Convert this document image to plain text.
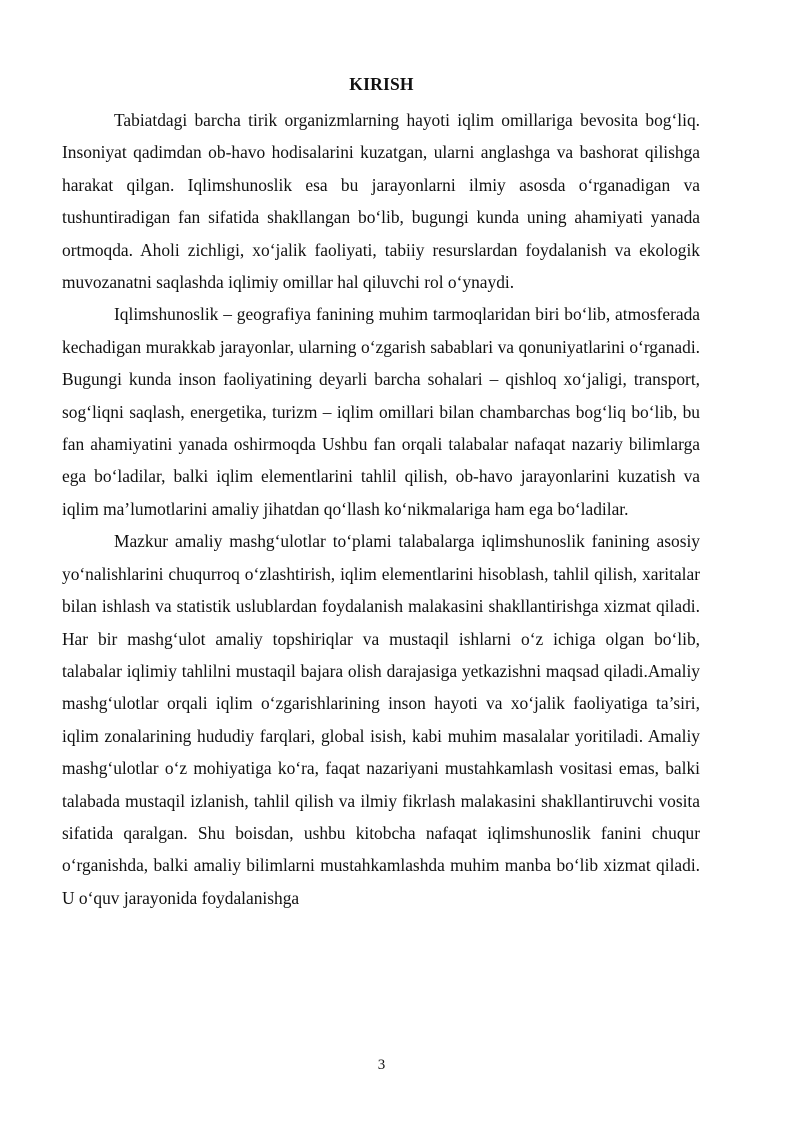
KIRISH

Tabiatdagi barcha tirik organizmlarning hayoti iqlim omillariga bevosita bog‘liq. Insoniyat qadimdan ob-havo hodisalarini kuzatgan, ularni anglashga va bashorat qilishga harakat qilgan. Iqlimshunoslik esa bu jarayonlarni ilmiy asosda o‘rganadigan va tushuntiradigan fan sifatida shakllangan bo‘lib, bugungi kunda uning ahamiyati yanada ortmoqda. Aholi zichligi, xo‘jalik faoliyati, tabiiy resurslardan foydalanish va ekologik muvozanatni saqlashda iqlimiy omillar hal qiluvchi rol o‘ynaydi.

Iqlimshunoslik – geografiya fanining muhim tarmoqlaridan biri bo‘lib, atmosferada kechadigan murakkab jarayonlar, ularning o‘zgarish sabablari va qonuniyatlarini o‘rganadi. Bugungi kunda inson faoliyatining deyarli barcha sohalari – qishloq xo‘jaligi, transport, sog‘liqni saqlash, energetika, turizm – iqlim omillari bilan chambarchas bog‘liq bo‘lib, bu fan ahamiyatini yanada oshirmoqda Ushbu fan orqali talabalar nafaqat nazariy bilimlarga ega bo‘ladilar, balki iqlim elementlarini tahlil qilish, ob-havo jarayonlarini kuzatish va iqlim ma’lumotlarini amaliy jihatdan qo‘llash ko‘nikmalariga ham ega bo‘ladilar.

Mazkur amaliy mashg‘ulotlar to‘plami talabalarga iqlimshunoslik fanining asosiy yo‘nalishlarini chuqurroq o‘zlashtirish, iqlim elementlarini hisoblash, tahlil qilish, xaritalar bilan ishlash va statistik uslublardan foydalanish malakasini shakllantirishga xizmat qiladi. Har bir mashg‘ulot amaliy topshiriqlar va mustaqil ishlarni o‘z ichiga olgan bo‘lib, talabalar iqlimiy tahlilni mustaqil bajara olish darajasiga yetkazishni maqsad qiladi.Amaliy mashg‘ulotlar orqali iqlim o‘zgarishlarining inson hayoti va xo‘jalik faoliyatiga ta’siri, iqlim zonalarining hududiy farqlari, global isish, kabi muhim masalalar yoritiladi. Amaliy mashg‘ulotlar o‘z mohiyatiga ko‘ra, faqat nazariyani mustahkamlash vositasi emas, balki talabada mustaqil izlanish, tahlil qilish va ilmiy fikrlash malakasini shakllantiruvchi vosita sifatida qaralgan. Shu boisdan, ushbu kitobcha nafaqat iqlimshunoslik fanini chuqur o‘rganishda, balki amaliy bilimlarni mustahkamlashda muhim manba bo‘lib xizmat qiladi. U o‘quv jarayonida foydalanishga

3
